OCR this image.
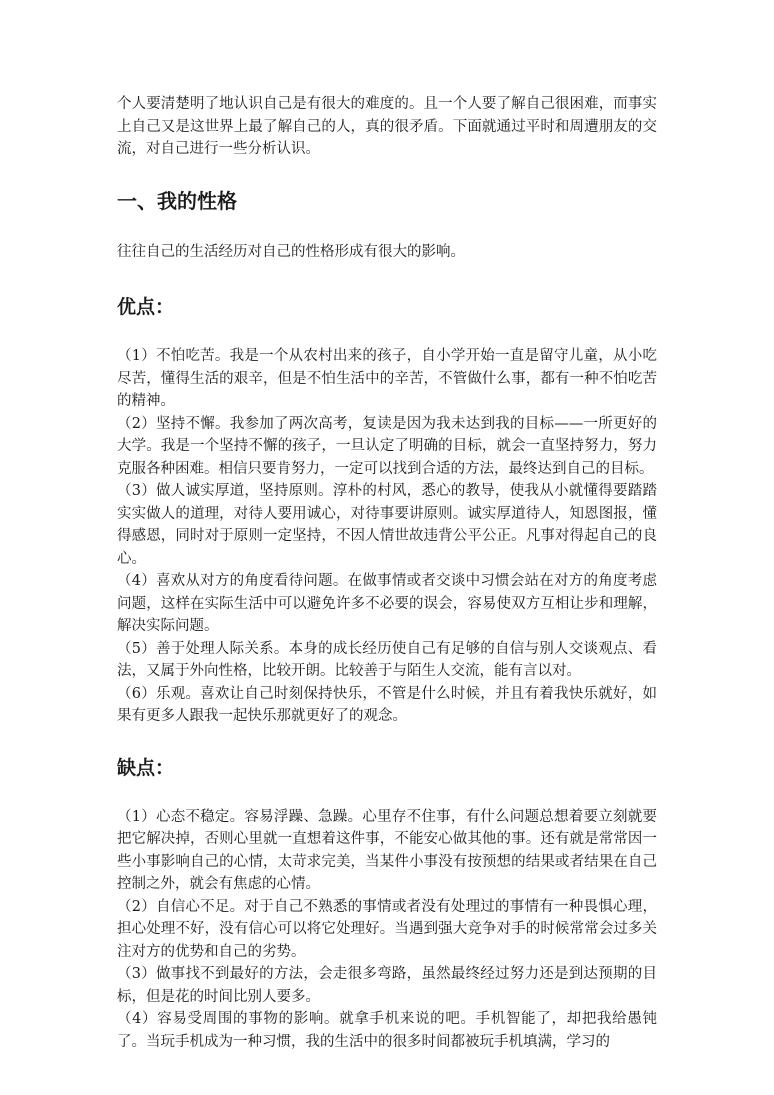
个人要清楚明了地认识自己是有很大的难度的。且一个人要了解自己很困难，而事实上自己又是这世界上最了解自己的人，真的很矛盾。下面就通过平时和周遭朋友的交流，对自己进行一些分析认识。

一、我的性格

往往自己的生活经历对自己的性格形成有很大的影响。

优点：

（1）不怕吃苦。我是一个从农村出来的孩子，自小学开始一直是留守儿童，从小吃尽苦，懂得生活的艰辛，但是不怕生活中的辛苦，不管做什么事，都有一种不怕吃苦的精神。

（2）坚持不懈。我参加了两次高考，复读是因为我未达到我的目标——一所更好的大学。我是一个坚持不懈的孩子，一旦认定了明确的目标，就会一直坚持努力，努力克服各种困难。相信只要肯努力，一定可以找到合适的方法，最终达到自己的目标。

（3）做人诚实厚道，坚持原则。淳朴的村风，悉心的教导，使我从小就懂得要踏踏实实做人的道理，对待人要用诚心，对待事要讲原则。诚实厚道待人，知恩图报，懂得感恩，同时对于原则一定坚持，不因人情世故违背公平公正。凡事对得起自己的良心。

（4）喜欢从对方的角度看待问题。在做事情或者交谈中习惯会站在对方的角度考虑问题，这样在实际生活中可以避免许多不必要的误会，容易使双方互相让步和理解，解决实际问题。

（5）善于处理人际关系。本身的成长经历使自己有足够的自信与别人交谈观点、看法，又属于外向性格，比较开朗。比较善于与陌生人交流，能有言以对。

（6）乐观。喜欢让自己时刻保持快乐，不管是什么时候，并且有着我快乐就好，如果有更多人跟我一起快乐那就更好了的观念。

缺点：

（1）心态不稳定。容易浮躁、急躁。心里存不住事，有什么问题总想着要立刻就要把它解决掉，否则心里就一直想着这件事，不能安心做其他的事。还有就是常常因一些小事影响自己的心情，太苛求完美，当某件小事没有按预想的结果或者结果在自己控制之外，就会有焦虑的心情。

（2）自信心不足。对于自己不熟悉的事情或者没有处理过的事情有一种畏惧心理，担心处理不好，没有信心可以将它处理好。当遇到强大竞争对手的时候常常会过多关注对方的优势和自己的劣势。

（3）做事找不到最好的方法，会走很多弯路，虽然最终经过努力还是到达预期的目标，但是花的时间比别人要多。

（4）容易受周围的事物的影响。就拿手机来说的吧。手机智能了，却把我给愚钝了。当玩手机成为一种习惯，我的生活中的很多时间都被玩手机填满，学习的
